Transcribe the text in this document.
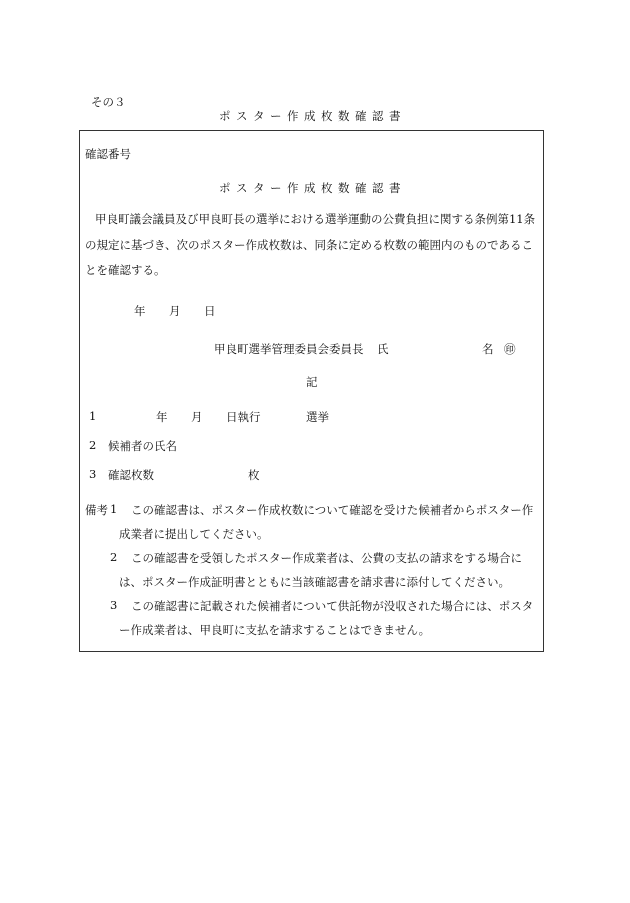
その３
ポスター作成枚数確認書
確認番号
ポスター作成枚数確認書
甲良町議会議員及び甲良町長の選挙における選挙運動の公費負担に関する条例第11条
の規定に基づき、次のポスター作成枚数は、同条に定める枚数の範囲内のものであるこ
とを確認する。
年 月 日
甲良町選挙管理委員会委員長 氏	名 ㊞
記
1	年 月 日執行	選挙
2 候補者の氏名
3 確認枚数	枚
備考 1 この確認書は、ポスター作成枚数について確認を受けた候補者からポスター作
成業者に提出してください。
2 この確認書を受領したポスター作成業者は、公費の支払の請求をする場合に
は、ポスター作成証明書とともに当該確認書を請求書に添付してください。
3 この確認書に記載された候補者について供託物が没収された場合には、ポスタ
ー作成業者は、甲良町に支払を請求することはできません。
